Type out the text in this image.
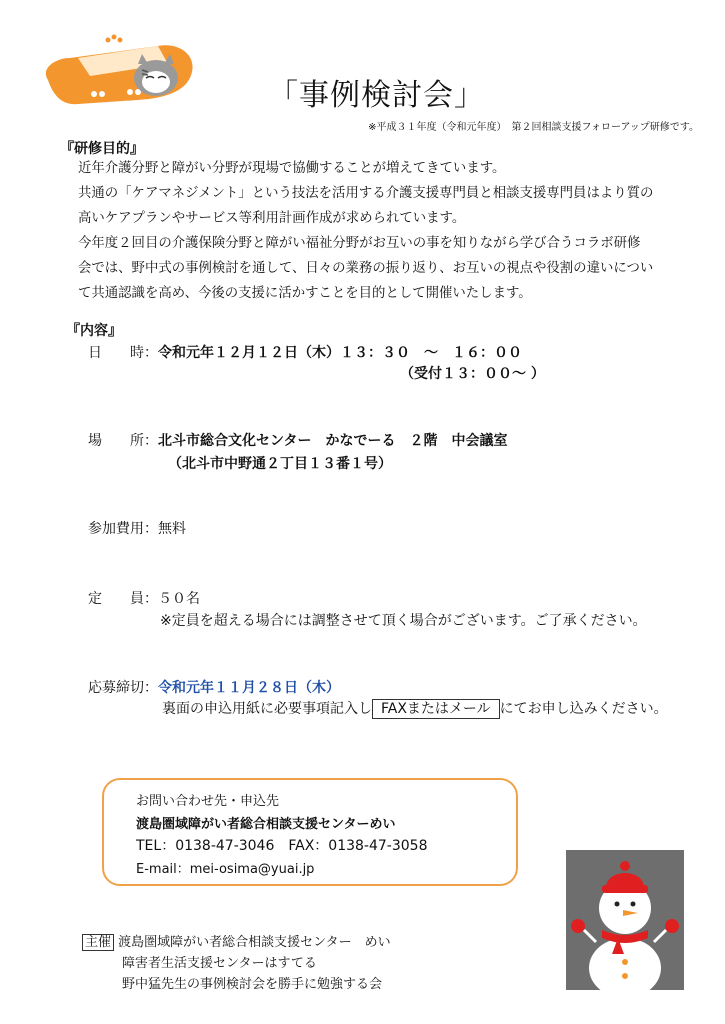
「事例検討会」
※平成３１年度（令和元年度）　第２回相談支援フォローアップ研修です。
『研修目的』
近年介護分野と障がい分野が現場で協働することが増えてきています。
共通の「ケアマネジメント」という技法を活用する介護支援専門員と相談支援専門員はより質の
高いケアプランやサービス等利用計画作成が求められています。
今年度２回目の介護保険分野と障がい福祉分野がお互いの事を知りながら学び合うコラボ研修
会では、野中式の事例検討を通して、日々の業務の振り返り、お互いの視点や役割の違いについ
て共通認識を高め、今後の支援に活かすことを目的として開催いたします。
『内容』
日　　時：令和元年１２月１２日（木）１３：３０　～　１６：００
（受付１３：００～ ）
場　　所：北斗市総合文化センター　かなでーる　２階　中会議室
（北斗市中野通２丁目１３番１号）
参加費用：無料
定　　員：５０名
※定員を超える場合には調整させて頂く場合がございます。ご了承ください。
応募締切：令和元年１１月２８日（木）
裏面の申込用紙に必要事項記入し FAXまたはメール にてお申し込みください。
お問い合わせ先・申込先
渡島圏域障がい者総合相談支援センターめい
TEL：0138-47-3046　FAX：0138-47-3058
E-mail：mei-osima@yuai.jp
主催 渡島圏域障がい者総合相談支援センター　めい
障害者生活支援センターはすてる
野中猛先生の事例検討会を勝手に勉強する会
